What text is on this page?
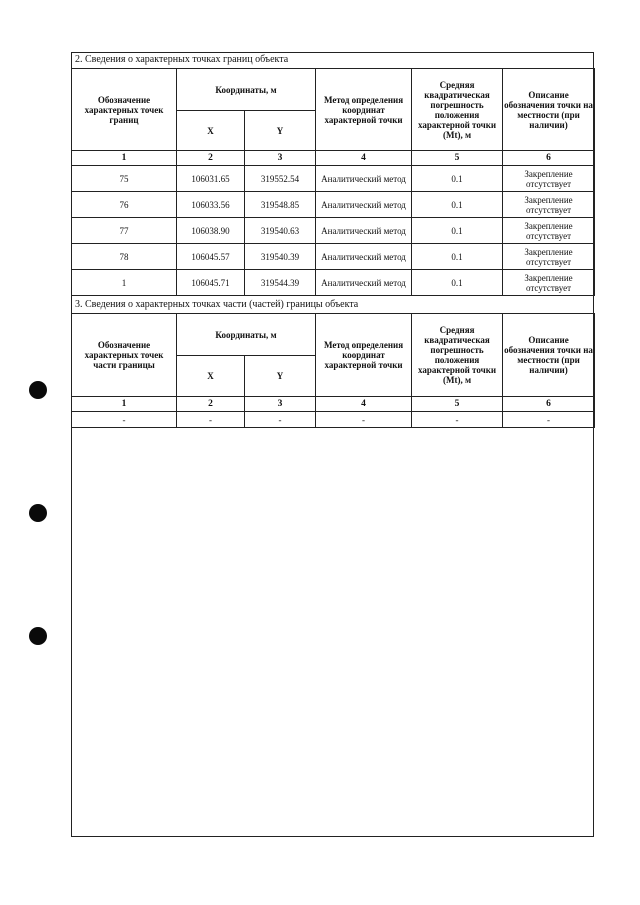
2. Сведения о характерных точках границ объекта
Обозначение характерных точек границ	Координаты, м		Метод определения координат характерной точки	Средняя квадратическая погрешность положения характерной точки (Mt), м	Описание обозначения точки на местности (при наличии)
	X	Y			
1	2	3	4	5	6
75	106031.65	319552.54	Аналитический метод	0.1	Закрепление отсутствует
76	106033.56	319548.85	Аналитический метод	0.1	Закрепление отсутствует
77	106038.90	319540.63	Аналитический метод	0.1	Закрепление отсутствует
78	106045.57	319540.39	Аналитический метод	0.1	Закрепление отсутствует
1	106045.71	319544.39	Аналитический метод	0.1	Закрепление отсутствует
3. Сведения о характерных точках части (частей) границы объекта
Обозначение характерных точек части границы	Координаты, м		Метод определения координат характерной точки	Средняя квадратическая погрешность положения характерной точки (Mt), м	Описание обозначения точки на местности (при наличии)
	X	Y			
1	2	3	4	5	6
-	-	-	-	-	-
